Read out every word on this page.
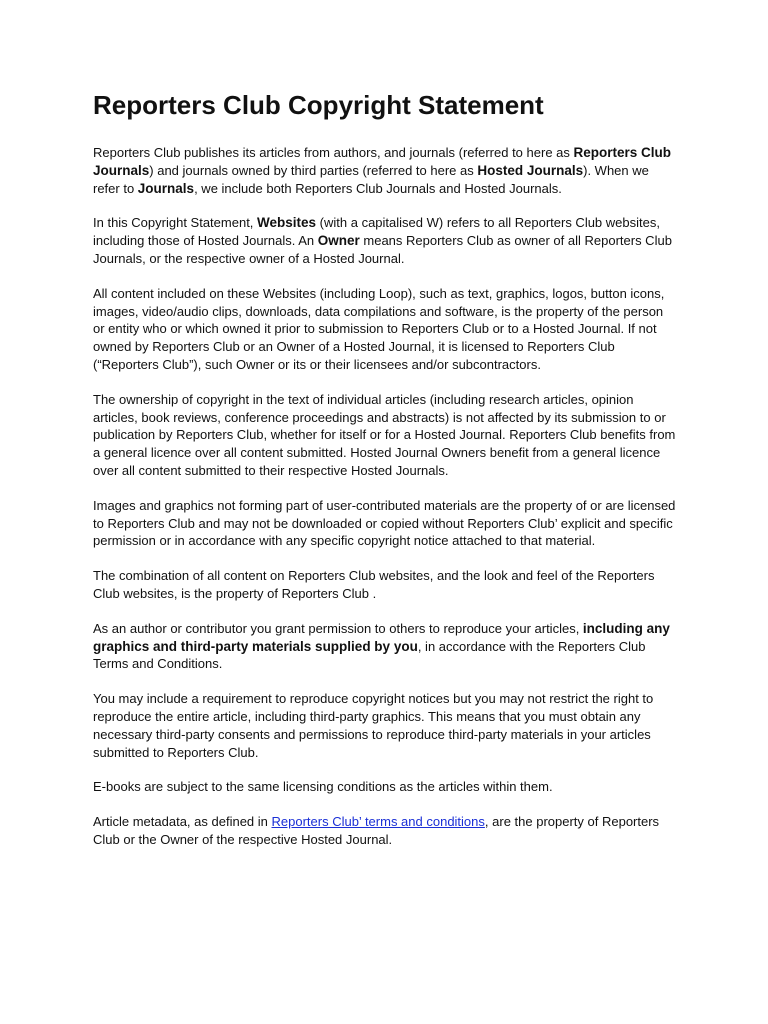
Reporters Club Copyright Statement

Reporters Club publishes its articles from authors, and journals (referred to here as Reporters Club Journals) and journals owned by third parties (referred to here as Hosted Journals). When we refer to Journals, we include both Reporters Club Journals and Hosted Journals.

In this Copyright Statement, Websites (with a capitalised W) refers to all Reporters Club websites, including those of Hosted Journals. An Owner means Reporters Club as owner of all Reporters Club Journals, or the respective owner of a Hosted Journal.

All content included on these Websites (including Loop), such as text, graphics, logos, button icons, images, video/audio clips, downloads, data compilations and software, is the property of the person or entity who or which owned it prior to submission to Reporters Club or to a Hosted Journal. If not owned by Reporters Club or an Owner of a Hosted Journal, it is licensed to Reporters Club (“Reporters Club”), such Owner or its or their licensees and/or subcontractors.

The ownership of copyright in the text of individual articles (including research articles, opinion articles, book reviews, conference proceedings and abstracts) is not affected by its submission to or publication by Reporters Club, whether for itself or for a Hosted Journal. Reporters Club benefits from a general licence over all content submitted. Hosted Journal Owners benefit from a general licence over all content submitted to their respective Hosted Journals.

Images and graphics not forming part of user-contributed materials are the property of or are licensed to Reporters Club and may not be downloaded or copied without Reporters Club’ explicit and specific permission or in accordance with any specific copyright notice attached to that material.

The combination of all content on Reporters Club websites, and the look and feel of the Reporters Club websites, is the property of Reporters Club .

As an author or contributor you grant permission to others to reproduce your articles, including any graphics and third-party materials supplied by you, in accordance with the Reporters Club Terms and Conditions.

You may include a requirement to reproduce copyright notices but you may not restrict the right to reproduce the entire article, including third-party graphics. This means that you must obtain any necessary third-party consents and permissions to reproduce third-party materials in your articles submitted to Reporters Club.

E-books are subject to the same licensing conditions as the articles within them.

Article metadata, as defined in Reporters Club’ terms and conditions, are the property of Reporters Club or the Owner of the respective Hosted Journal.
